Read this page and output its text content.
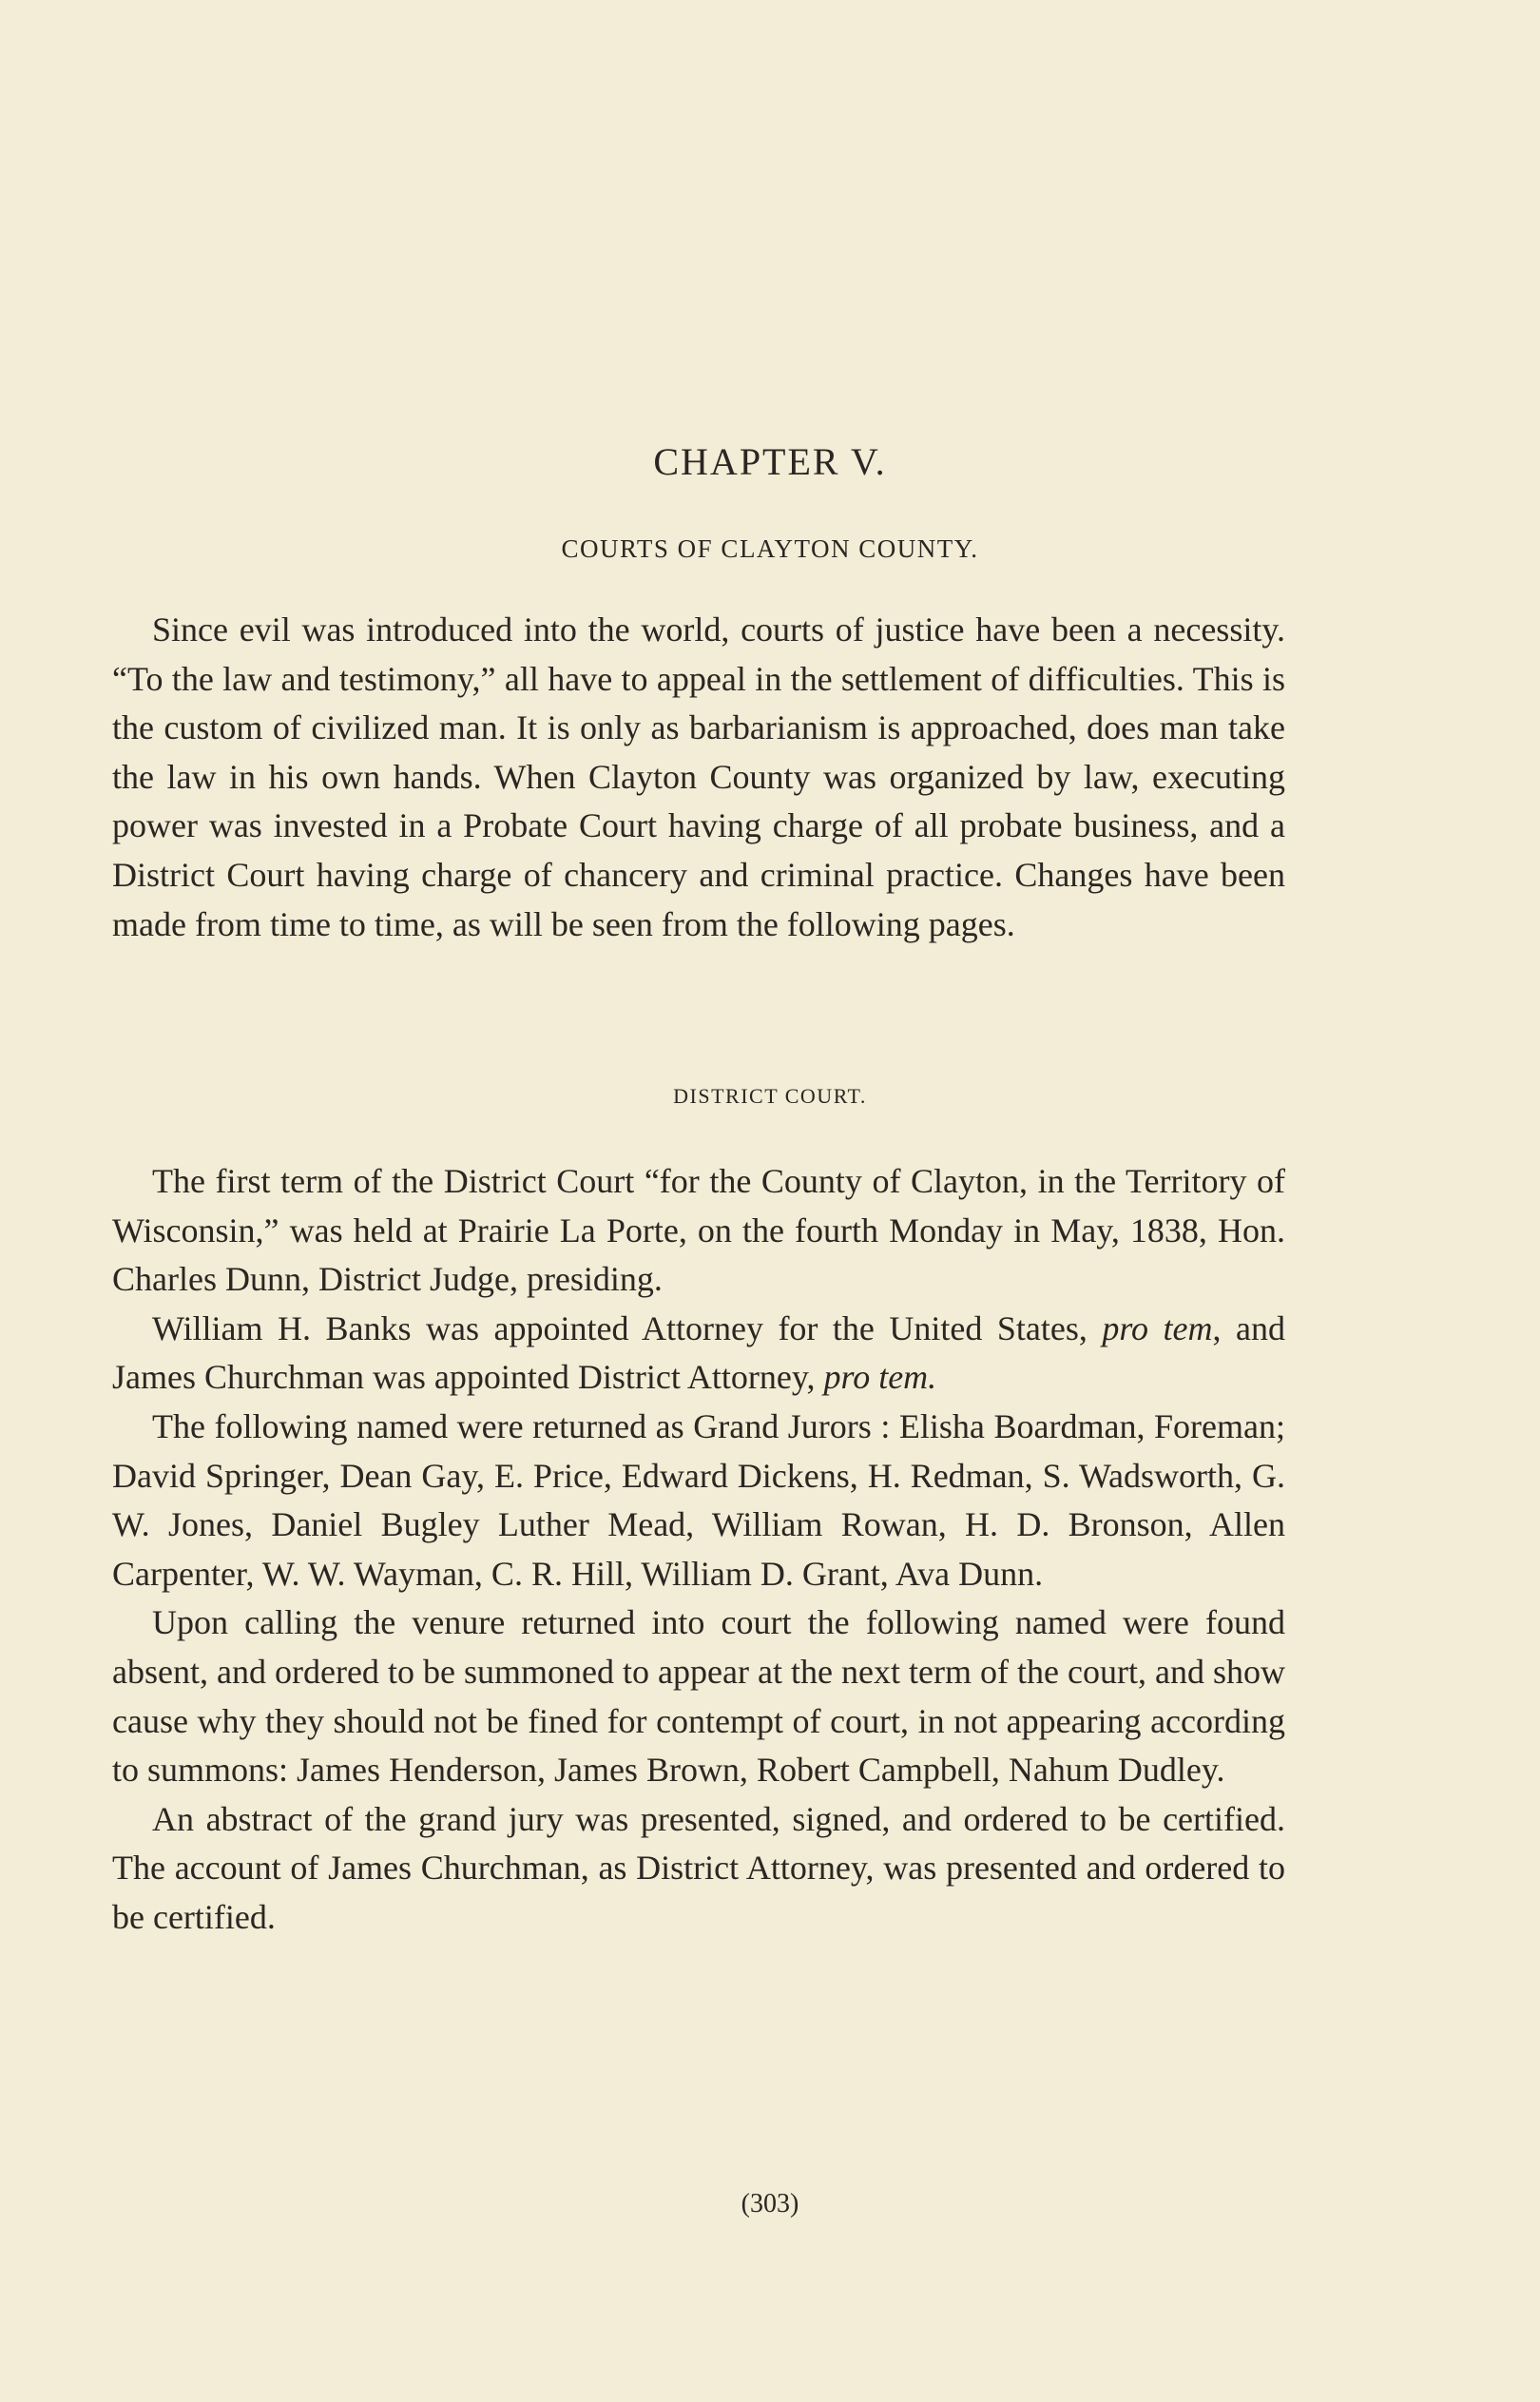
CHAPTER V.
COURTS OF CLAYTON COUNTY.

Since evil was introduced into the world, courts of justice have been a necessity. “To the law and testimony,” all have to appeal in the settlement of difficulties. This is the custom of civilized man. It is only as barbarianism is approached, does man take the law in his own hands. When Clayton County was organized by law, executing power was invested in a Probate Court having charge of all probate business, and a District Court having charge of chancery and criminal practice. Changes have been made from time to time, as will be seen from the following pages.

DISTRICT COURT.

The first term of the District Court “for the County of Clayton, in the Territory of Wisconsin,” was held at Prairie La Porte, on the fourth Monday in May, 1838, Hon. Charles Dunn, District Judge, presiding.

William H. Banks was appointed Attorney for the United States, pro tem, and James Churchman was appointed District Attorney, pro tem.

The following named were returned as Grand Jurors : Elisha Boardman, Foreman; David Springer, Dean Gay, E. Price, Edward Dickens, H. Redman, S. Wadsworth, G. W. Jones, Daniel Bugley Luther Mead, William Rowan, H. D. Bronson, Allen Carpenter, W. W. Wayman, C. R. Hill, William D. Grant, Ava Dunn.

Upon calling the venure returned into court the following named were found absent, and ordered to be summoned to appear at the next term of the court, and show cause why they should not be fined for contempt of court, in not appearing according to summons: James Henderson, James Brown, Robert Campbell, Nahum Dudley.

An abstract of the grand jury was presented, signed, and ordered to be certified. The account of James Churchman, as District Attorney, was presented and ordered to be certified.

(303)
